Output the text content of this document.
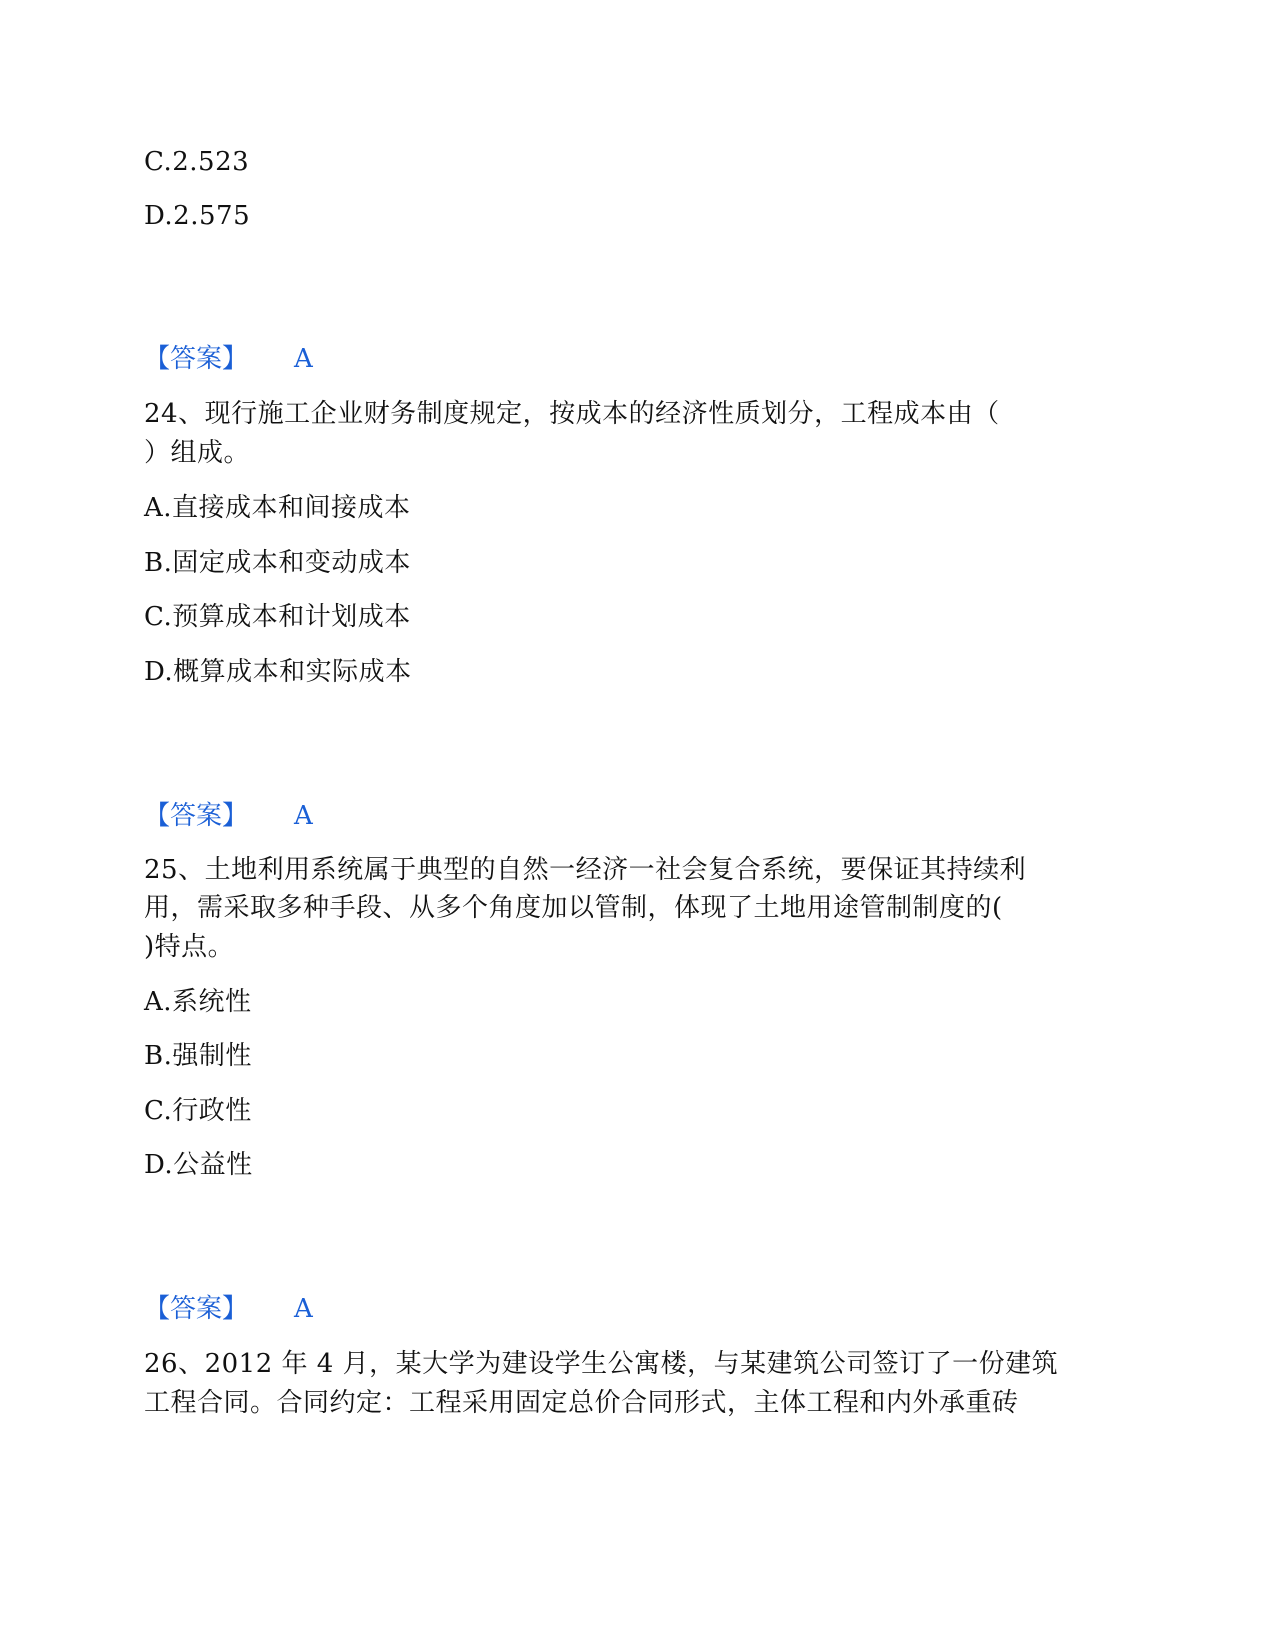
C.2.523
D.2.575
【答案】 A
24、现行施工企业财务制度规定，按成本的经济性质划分，工程成本由（
）组成。
A.直接成本和间接成本
B.固定成本和变动成本
C.预算成本和计划成本
D.概算成本和实际成本
【答案】 A
25、土地利用系统属于典型的自然一经济一社会复合系统，要保证其持续利
用，需采取多种手段、从多个角度加以管制，体现了土地用途管制制度的(
)特点。
A.系统性
B.强制性
C.行政性
D.公益性
【答案】 A
26、2012 年 4 月，某大学为建设学生公寓楼，与某建筑公司签订了一份建筑
工程合同。合同约定：工程采用固定总价合同形式，主体工程和内外承重砖
